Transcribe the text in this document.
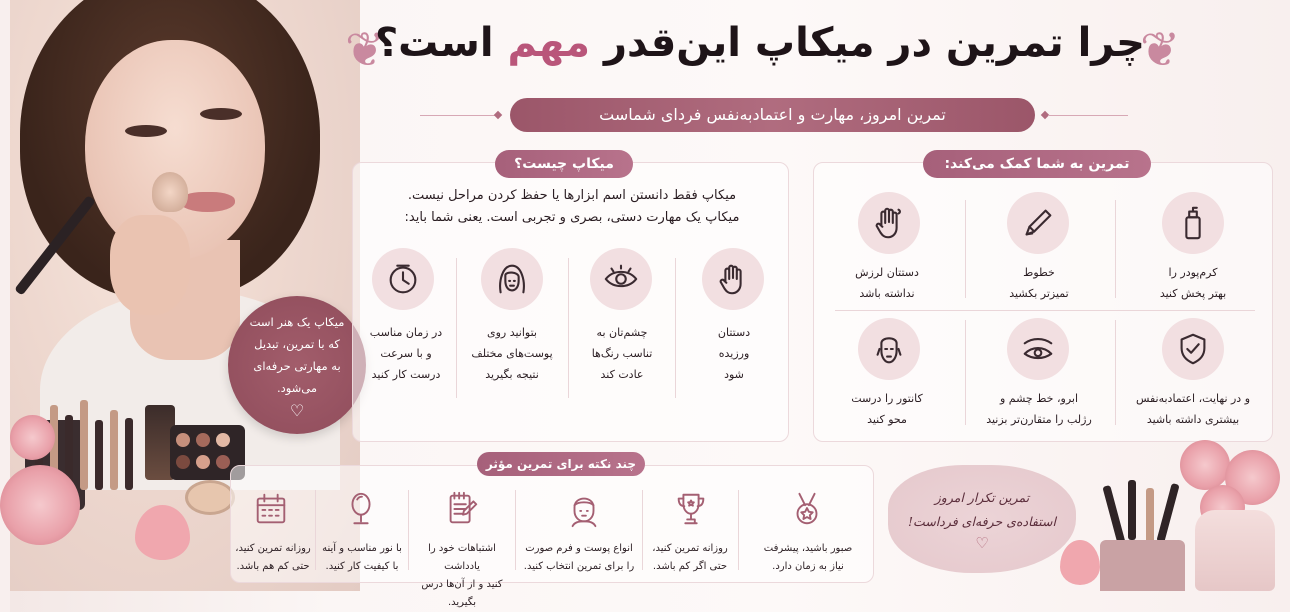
میکاپ یک هنر است
که با تمرین، تبدیل
به مهارتی حرفه‌ای
می‌شود.
♡
❦	❦
چرا تمرین در میکاپ این‌قدر مهم است؟
تمرین امروز، مهارت و اعتمادبه‌نفس فردای شماست
تمرین به شما کمک می‌کند:
کرم‌پودر را
بهتر پخش کنید
خطوط
تمیزتر بکشید
دستتان لرزش
نداشته باشد
و در نهایت، اعتمادبه‌نفس
بیشتری داشته باشید
ابرو، خط چشم و
رژلب را متقارن‌تر بزنید
کانتور را درست
محو کنید
میکاپ چیست؟
میکاپ فقط دانستن اسم ابزارها یا حفظ کردن مراحل نیست.
میکاپ یک مهارت دستی، بصری و تجربی است. یعنی شما باید:
دستتان
ورزیده
شود
چشم‌تان به
تناسب رنگ‌ها
عادت کند
بتوانید روی
پوست‌های مختلف
نتیجه بگیرید
در زمان مناسب
و با سرعت
درست کار کنید
چند نکته برای تمرین مؤثر
صبور باشید، پیشرفت
نیاز به زمان دارد.
روزانه تمرین کنید،
حتی اگر کم باشد.
انواع پوست و فرم صورت
را برای تمرین انتخاب کنید.
اشتباهات خود را یادداشت
کنید و از آن‌ها درس بگیرید.
با نور مناسب و آینه
با کیفیت کار کنید.
روزانه تمرین کنید،
حتی کم هم باشد.
تمرین تکرار امروز
استفاده‌ی حرفه‌ای فرداست!
♡
